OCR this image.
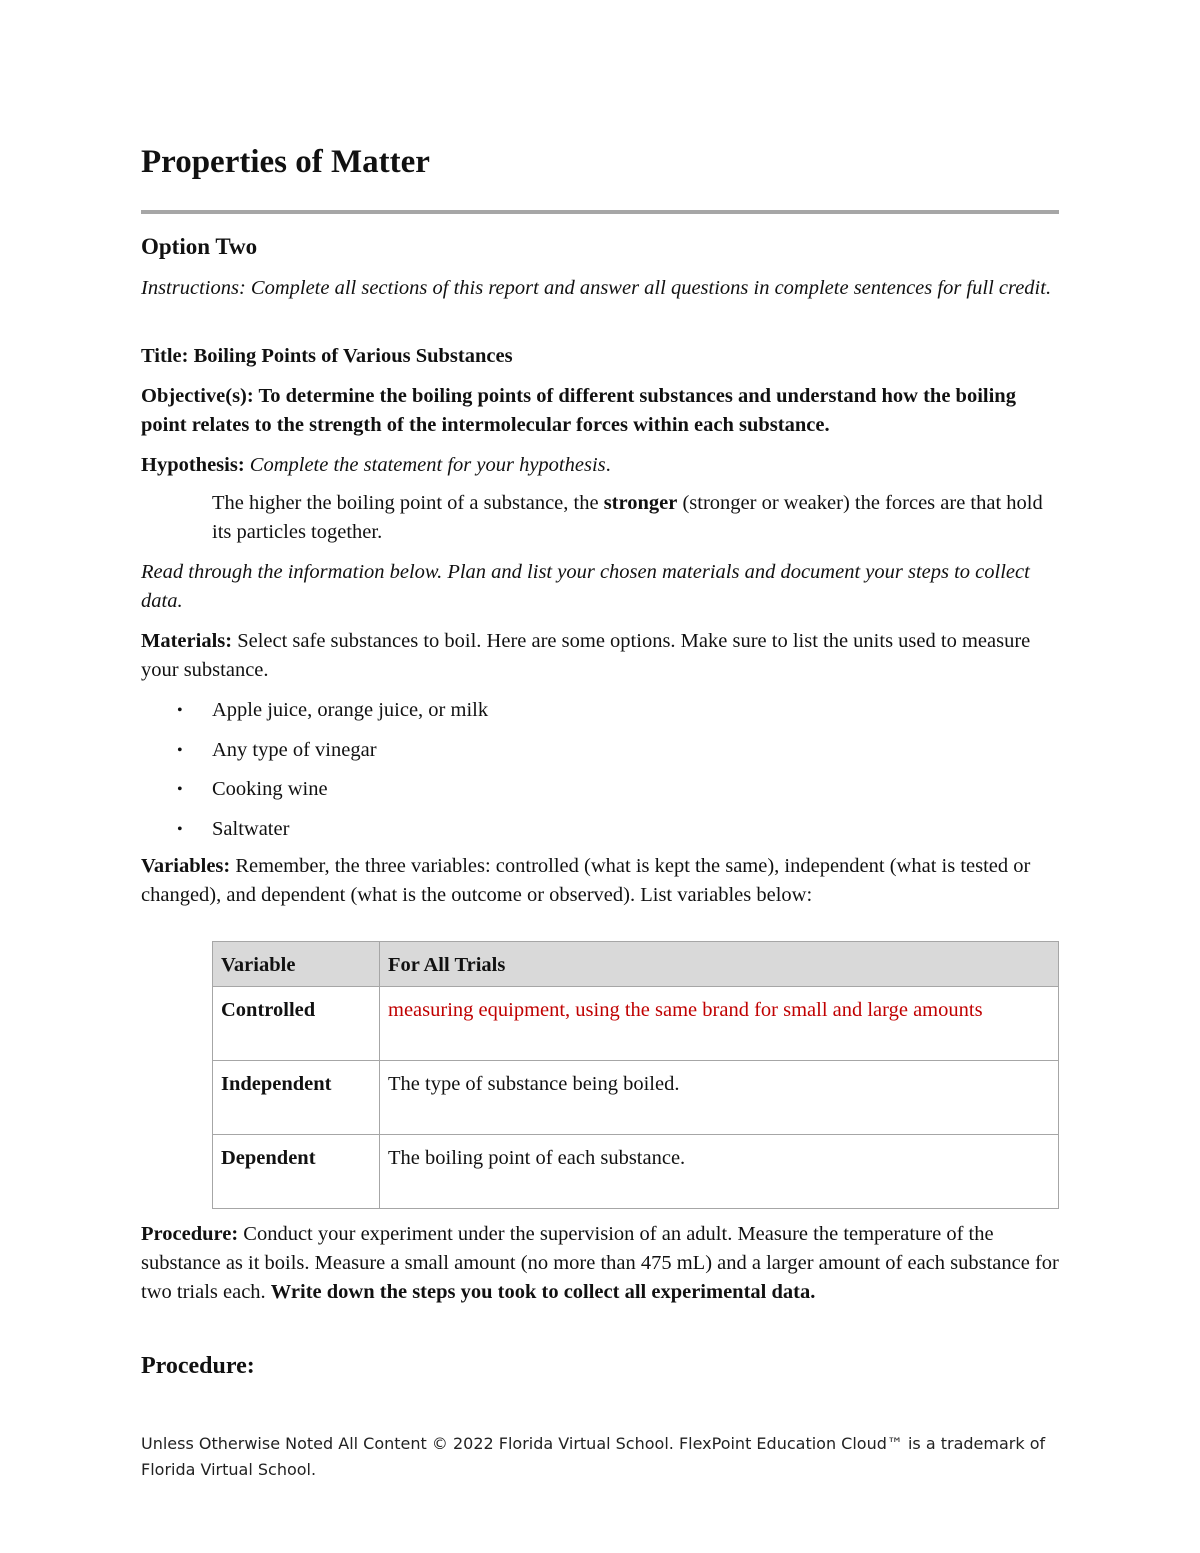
Properties of Matter
Option Two

Instructions: Complete all sections of this report and answer all questions in complete sentences for full credit.

Title: Boiling Points of Various Substances

Objective(s): To determine the boiling points of different substances and understand how the boiling point relates to the strength of the intermolecular forces within each substance.

Hypothesis: Complete the statement for your hypothesis.

The higher the boiling point of a substance, the stronger (stronger or weaker) the forces are that hold its particles together.

Read through the information below. Plan and list your chosen materials and document your steps to collect data.

Materials: Select safe substances to boil. Here are some options. Make sure to list the units used to measure your substance.

• Apple juice, orange juice, or milk
• Any type of vinegar
• Cooking wine
• Saltwater

Variables: Remember, the three variables: controlled (what is kept the same), independent (what is tested or changed), and dependent (what is the outcome or observed). List variables below:

Variable	For All Trials
Controlled	measuring equipment, using the same brand for small and large amounts
Independent	The type of substance being boiled.
Dependent	The boiling point of each substance.

Procedure: Conduct your experiment under the supervision of an adult. Measure the temperature of the substance as it boils. Measure a small amount (no more than 475 mL) and a larger amount of each substance for two trials each. Write down the steps you took to collect all experimental data.

Procedure:
Unless Otherwise Noted All Content © 2022 Florida Virtual School. FlexPoint Education Cloud™ is a trademark of Florida Virtual School.
